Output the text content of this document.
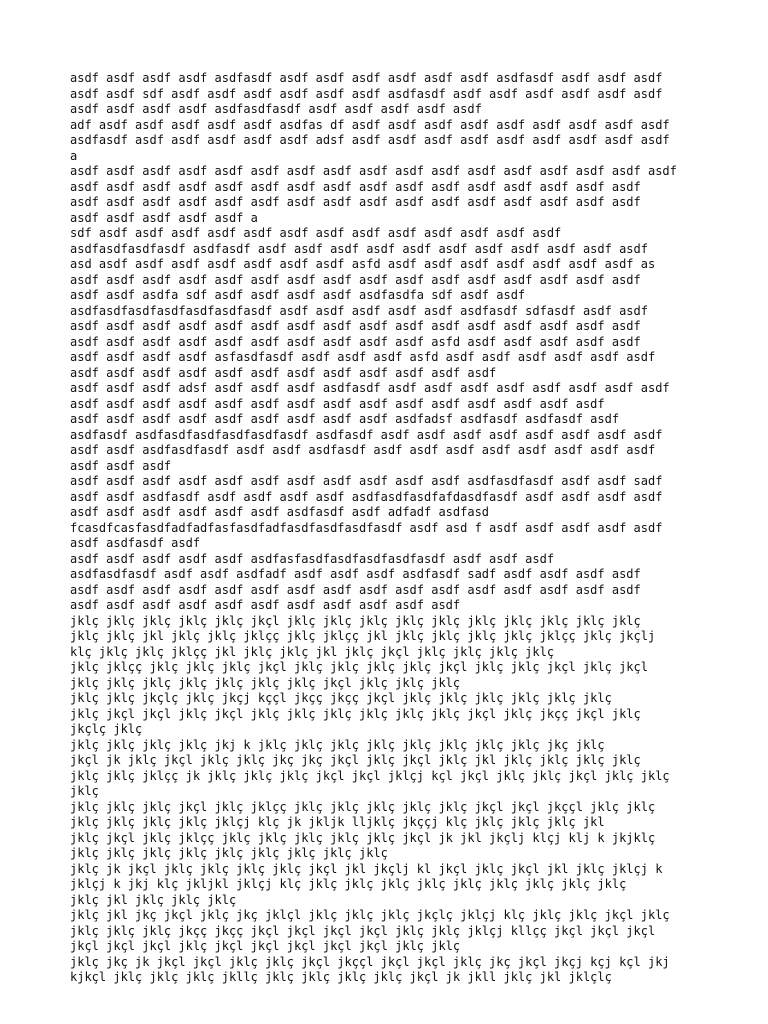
asdf asdf asdf asdf asdfasdf asdf asdf asdf asdf asdf asdf asdfasdf asdf asdf asdf
asdf asdf sdf asdf asdf asdf asdf asdf asdf asdfasdf asdf asdf asdf asdf asdf asdf
asdf asdf asdf asdf asdfasdfasdf asdf asdf asdf asdf asdf
adf asdf asdf asdf asdf asdf asdfas df asdf asdf asdf asdf asdf asdf asdf asdf asdf
asdfasdf asdf asdf asdf asdf asdf adsf asdf asdf asdf asdf asdf asdf asdf asdf asdf
a
asdf asdf asdf asdf asdf asdf asdf asdf asdf asdf asdf asdf asdf asdf asdf asdf asdf
asdf asdf asdf asdf asdf asdf asdf asdf asdf asdf asdf asdf asdf asdf asdf asdf
asdf asdf asdf asdf asdf asdf asdf asdf asdf asdf asdf asdf asdf asdf asdf asdf
asdf asdf asdf asdf asdf a
sdf asdf asdf asdf asdf asdf asdf asdf asdf asdf asdf asdf asdf asdf
asdfasdfasdfasdf asdfasdf asdf asdf asdf asdf asdf asdf asdf asdf asdf asdf asdf
asd asdf asdf asdf asdf asdf asdf asdf asfd asdf asdf asdf asdf asdf asdf asdf as
asdf asdf asdf asdf asdf asdf asdf asdf asdf asdf asdf asdf asdf asdf asdf asdf
asdf asdf asdfa sdf asdf asdf asdf asdf asdfasdfa sdf asdf asdf
asdfasdfasdfasdfasdfasdfasdf asdf asdf asdf asdf asdf asdfasdf sdfasdf asdf asdf
asdf asdf asdf asdf asdf asdf asdf asdf asdf asdf asdf asdf asdf asdf asdf asdf
asdf asdf asdf asdf asdf asdf asdf asdf asdf asdf asfd asdf asdf asdf asdf asdf
asdf asdf asdf asdf asfasdfasdf asdf asdf asdf asfd asdf asdf asdf asdf asdf asdf
asdf asdf asdf asdf asdf asdf asdf asdf asdf asdf asdf asdf
asdf asdf asdf adsf asdf asdf asdf asdfasdf asdf asdf asdf asdf asdf asdf asdf asdf
asdf asdf asdf asdf asdf asdf asdf asdf asdf asdf asdf asdf asdf asdf asdf
asdf asdf asdf asdf asdf asdf asdf asdf asdf asdfadsf asdfasdf asdfasdf asdf
asdfasdf asdfasdfasdfasdfasdfasdf asdfasdf asdf asdf asdf asdf asdf asdf asdf asdf
asdf asdf asdfasdfasdf asdf asdf asdfasdf asdf asdf asdf asdf asdf asdf asdf asdf
asdf asdf asdf
asdf asdf asdf asdf asdf asdf asdf asdf asdf asdf asdf asdfasdfasdf asdf asdf sadf
asdf asdf asdfasdf asdf asdf asdf asdf asdfasdfasdfafdasdfasdf asdf asdf asdf asdf
asdf asdf asdf asdf asdf asdf asdfasdf asdf adfadf asdfasd
fcasdfcasfasdfadfadfasfasdfadfasdfasdfasdfasdf asdf asd f asdf asdf asdf asdf asdf
asdf asdfasdf asdf
asdf asdf asdf asdf asdf asdfasfasdfasdfasdfasdfasdf asdf asdf asdf
asdfasdfasdf asdf asdf asdfadf asdf asdf asdf asdfasdf sadf asdf asdf asdf asdf
asdf asdf asdf asdf asdf asdf asdf asdf asdf asdf asdf asdf asdf asdf asdf asdf
asdf asdf asdf asdf asdf asdf asdf asdf asdf asdf asdf
jklç jklç jklç jklç jklç jkçl jklç jklç jklç jklç jklç jklç jklç jklç jklç jklç
jklç jklç jkl jklç jklç jklçç jklç jklçç jkl jklç jklç jklç jklç jklçç jklç jkçlj
klç jklç jklç jklçç jkl jklç jklç jkl jklç jkçl jklç jklç jklç jklç
jklç jklçç jklç jklç jklç jkçl jklç jklç jklç jklç jkçl jklç jklç jkçl jklç jkçl
jklç jklç jklç jklç jklç jklç jklç jkçl jklç jklç jklç
jklç jklç jkçlç jklç jkçj kççl jkçç jkçç jkçl jklç jklç jklç jklç jklç jklç
jklç jkçl jkçl jklç jkçl jklç jklç jklç jklç jklç jklç jkçl jklç jkçç jkçl jklç
jkçlç jklç
jklç jklç jklç jklç jkj k jklç jklç jklç jklç jklç jklç jklç jklç jkç jklç
jkçl jk jklç jkçl jklç jklç jkç jkç jkçl jklç jkçl jklç jkl jklç jklç jklç jklç
jklç jklç jklçç jk jklç jklç jklç jkçl jkçl jklçj kçl jkçl jklç jklç jkçl jklç jklç
jklç
jklç jklç jklç jkçl jklç jklçç jklç jklç jklç jklç jklç jkçl jkçl jkççl jklç jklç
jklç jklç jklç jklç jklçj klç jk jkljk lljklç jkççj klç jklç jklç jklç jkl
jklç jkçl jklç jklçç jklç jklç jklç jklç jklç jkçl jk jkl jkçlj klçj klj k jkjklç
jklç jklç jklç jklç jklç jklç jklç jklç jklç
jklç jk jkçl jklç jklç jklç jklç jkçl jkl jkçlj kl jkçl jklç jkçl jkl jklç jklçj k
jklçj k jkj klç jkljkl jklçj klç jklç jklç jklç jklç jklç jklç jklç jklç jklç
jklç jkl jklç jklç jklç
jklç jkl jkç jkçl jklç jkç jklçl jklç jklç jklç jkçlç jklçj klç jklç jklç jkçl jklç
jklç jklç jklç jkçç jkçç jkçl jkçl jkçl jkçl jklç jklç jklçj kllçç jkçl jkçl jkçl
jkçl jkçl jkçl jklç jkçl jkçl jkçl jkçl jkçl jklç jklç
jklç jkç jk jkçl jkçl jklç jklç jkçl jkççl jkçl jkçl jklç jkç jkçl jkçj kçj kçl jkj
kjkçl jklç jklç jklç jkllç jklç jklç jklç jklç jkçl jk jkll jklç jkl jklçlç
